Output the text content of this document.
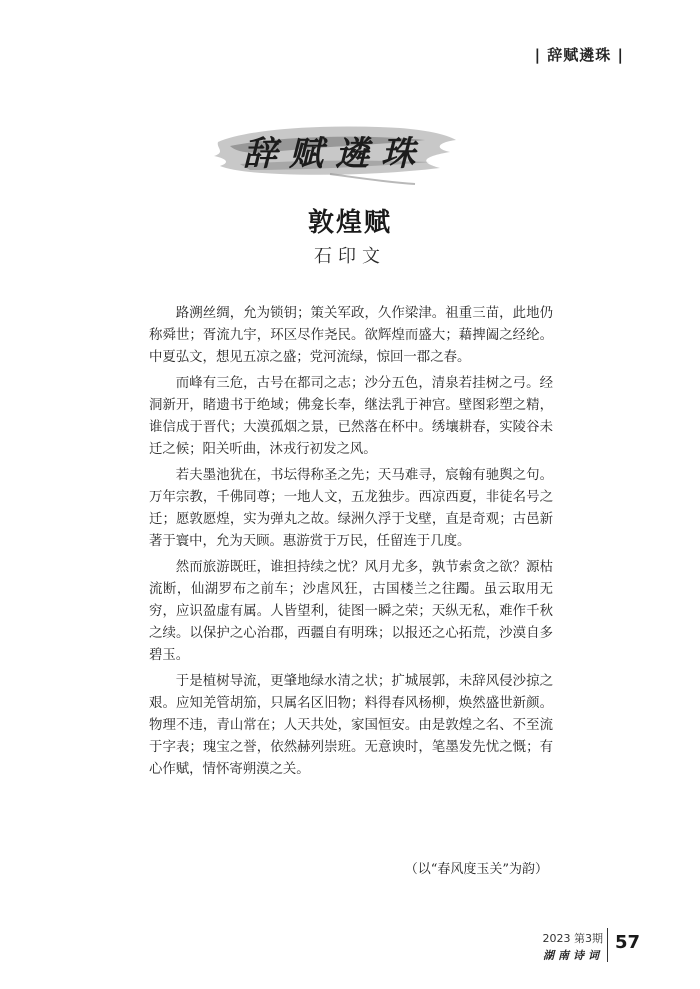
| 辞赋遴珠 |
辞赋遴珠
敦煌赋
石印文

路溯丝绸，允为锁钥；策关军政，久作梁津。祖重三苗，此地仍称舜世；胥流九宇，环区尽作尧民。欲辉煌而盛大；藉捭阖之经纶。中夏弘文，想见五凉之盛；党河流绿，惊回一郡之春。

而峰有三危，古号在都司之志；沙分五色，清泉若挂树之弓。经洞新开，睹遗书于绝域；佛龛长奉，继法乳于神宫。壁图彩塑之精，谁信成于晋代；大漠孤烟之景，已然落在杯中。绣壤耕春，实陵谷未迁之候；阳关听曲，沐戎行初发之风。

若夫墨池犹在，书坛得称圣之先；天马难寻，宸翰有驰舆之句。万年宗教，千佛同尊；一地人文，五龙独步。西凉西夏，非徒名号之迁；愿敦愿煌，实为弹丸之故。绿洲久浮于戈壁，直是奇观；古邑新著于寰中，允为天顾。惠游赏于万民，任留连于几度。

然而旅游既旺，谁担持续之忧？风月尤多，孰节索贪之欲？源枯流断，仙湖罗布之前车；沙虐风狂，古国楼兰之往躅。虽云取用无穷，应识盈虚有属。人皆望利，徒图一瞬之荣；天纵无私，难作千秋之续。以保护之心治郡，西疆自有明珠；以报还之心拓荒，沙漠自多碧玉。

于是植树导流，更肇地绿水清之状；扩城展郭，未辞风侵沙掠之艰。应知羌管胡笳，只属名区旧物；料得春风杨柳，焕然盛世新颜。物理不违，青山常在；人天共处，家国恒安。由是敦煌之名、不至流于字表；瑰宝之誉，依然赫列崇班。无意谀时，笔墨发先忧之慨；有心作赋，情怀寄朔漠之关。

（以“春风度玉关”为韵）
2023 第3期
湖南诗词
57
